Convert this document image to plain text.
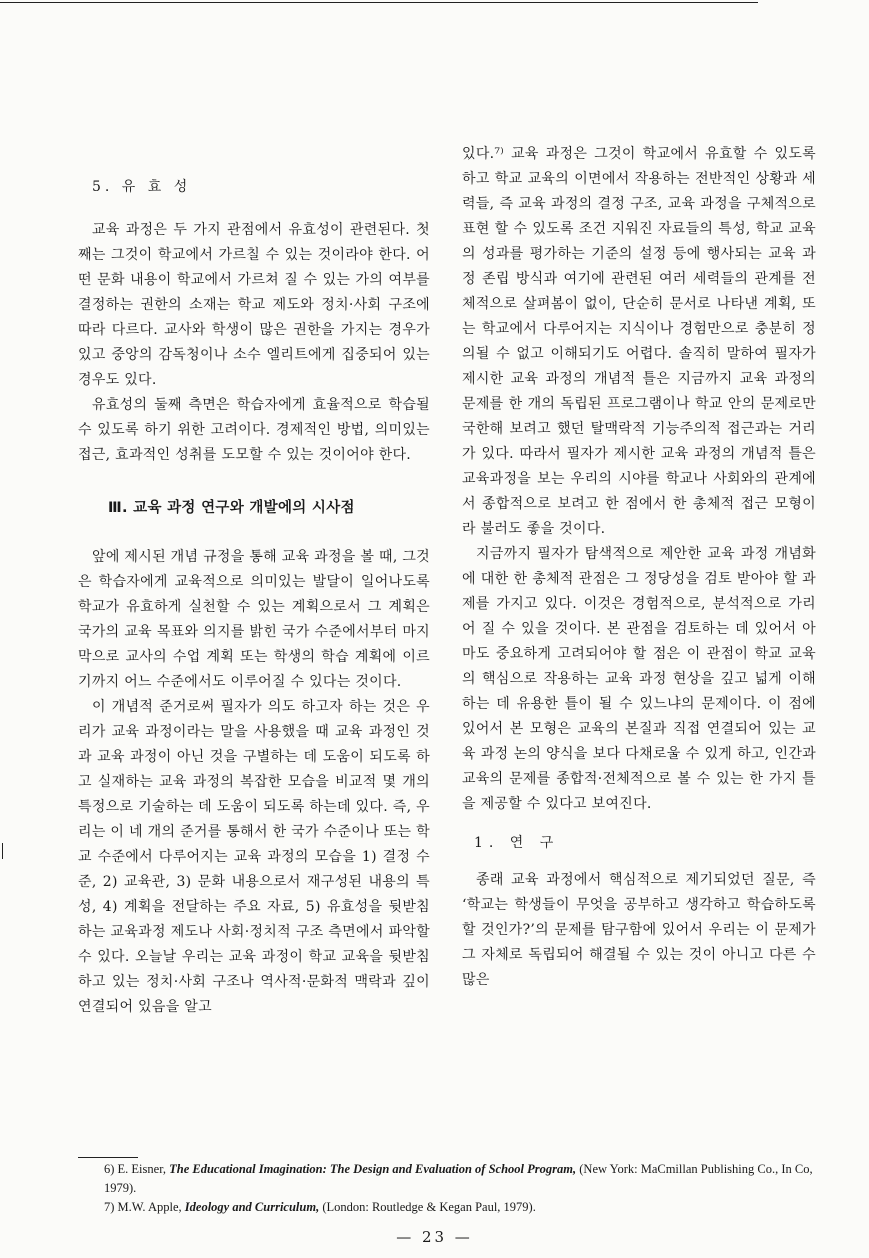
5. 유 효 성

교육 과정은 두 가지 관점에서 유효성이 관련된다. 첫째는 그것이 학교에서 가르칠 수 있는 것이라야 한다. 어떤 문화 내용이 학교에서 가르쳐 질 수 있는 가의 여부를 결정하는 권한의 소재는 학교 제도와 정치·사회 구조에 따라 다르다. 교사와 학생이 많은 권한을 가지는 경우가 있고 중앙의 감독청이나 소수 엘리트에게 집중되어 있는 경우도 있다.

유효성의 둘째 측면은 학습자에게 효율적으로 학습될 수 있도록 하기 위한 고려이다. 경제적인 방법, 의미있는 접근, 효과적인 성취를 도모할 수 있는 것이어야 한다.

Ⅲ. 교육 과정 연구와 개발에의 시사점

앞에 제시된 개념 규정을 통해 교육 과정을 볼 때, 그것은 학습자에게 교육적으로 의미있는 발달이 일어나도록 학교가 유효하게 실천할 수 있는 계획으로서 그 계획은 국가의 교육 목표와 의지를 밝힌 국가 수준에서부터 마지막으로 교사의 수업 계획 또는 학생의 학습 계획에 이르기까지 어느 수준에서도 이루어질 수 있다는 것이다.

이 개념적 준거로써 필자가 의도 하고자 하는 것은 우리가 교육 과정이라는 말을 사용했을 때 교육 과정인 것과 교육 과정이 아닌 것을 구별하는 데 도움이 되도록 하고 실재하는 교육 과정의 복잡한 모습을 비교적 몇 개의 특정으로 기술하는 데 도움이 되도록 하는데 있다. 즉, 우리는 이 네 개의 준거를 통해서 한 국가 수준이나 또는 학교 수준에서 다루어지는 교육 과정의 모습을 1) 결정 수준, 2) 교육관, 3) 문화 내용으로서 재구성된 내용의 특성, 4) 계획을 전달하는 주요 자료, 5) 유효성을 뒷받침 하는 교육과정 제도나 사회·정치적 구조 측면에서 파악할 수 있다. 오늘날 우리는 교육 과정이 학교 교육을 뒷받침 하고 있는 정치·사회 구조나 역사적·문화적 맥락과 깊이 연결되어 있음을 알고

있다.⁷⁾ 교육 과정은 그것이 학교에서 유효할 수 있도록 하고 학교 교육의 이면에서 작용하는 전반적인 상황과 세력들, 즉 교육 과정의 결정 구조, 교육 과정을 구체적으로 표현 할 수 있도록 조건 지워진 자료들의 특성, 학교 교육의 성과를 평가하는 기준의 설정 등에 행사되는 교육 과정 존립 방식과 여기에 관련된 여러 세력들의 관계를 전체적으로 살펴봄이 없이, 단순히 문서로 나타낸 계획, 또는 학교에서 다루어지는 지식이나 경험만으로 충분히 정의될 수 없고 이해되기도 어렵다. 솔직히 말하여 필자가 제시한 교육 과정의 개념적 틀은 지금까지 교육 과정의 문제를 한 개의 독립된 프로그램이나 학교 안의 문제로만 국한해 보려고 했던 탈맥락적 기능주의적 접근과는 거리가 있다. 따라서 필자가 제시한 교육 과정의 개념적 틀은 교육과정을 보는 우리의 시야를 학교나 사회와의 관계에서 종합적으로 보려고 한 점에서 한 총체적 접근 모형이라 불러도 좋을 것이다.

지금까지 필자가 탐색적으로 제안한 교육 과정 개념화에 대한 한 총체적 관점은 그 정당성을 검토 받아야 할 과제를 가지고 있다. 이것은 경험적으로, 분석적으로 가리어 질 수 있을 것이다. 본 관점을 검토하는 데 있어서 아마도 중요하게 고려되어야 할 점은 이 관점이 학교 교육의 핵심으로 작용하는 교육 과정 현상을 깊고 넓게 이해하는 데 유용한 틀이 될 수 있느냐의 문제이다. 이 점에 있어서 본 모형은 교육의 본질과 직접 연결되어 있는 교육 과정 논의 양식을 보다 다채로울 수 있게 하고, 인간과 교육의 문제를 종합적·전체적으로 볼 수 있는 한 가지 틀을 제공할 수 있다고 보여진다.

1. 연 구

종래 교육 과정에서 핵심적으로 제기되었던 질문, 즉 ‘학교는 학생들이 무엇을 공부하고 생각하고 학습하도록 할 것인가?’의 문제를 탐구함에 있어서 우리는 이 문제가 그 자체로 독립되어 해결될 수 있는 것이 아니고 다른 수 많은

6) E. Eisner, The Educational Imagination: The Design and Evaluation of School Program, (New York: MaCmillan Publishing Co., In Co, 1979).

7) M.W. Apple, Ideology and Curriculum, (London: Routledge & Kegan Paul, 1979).

— 23 —
